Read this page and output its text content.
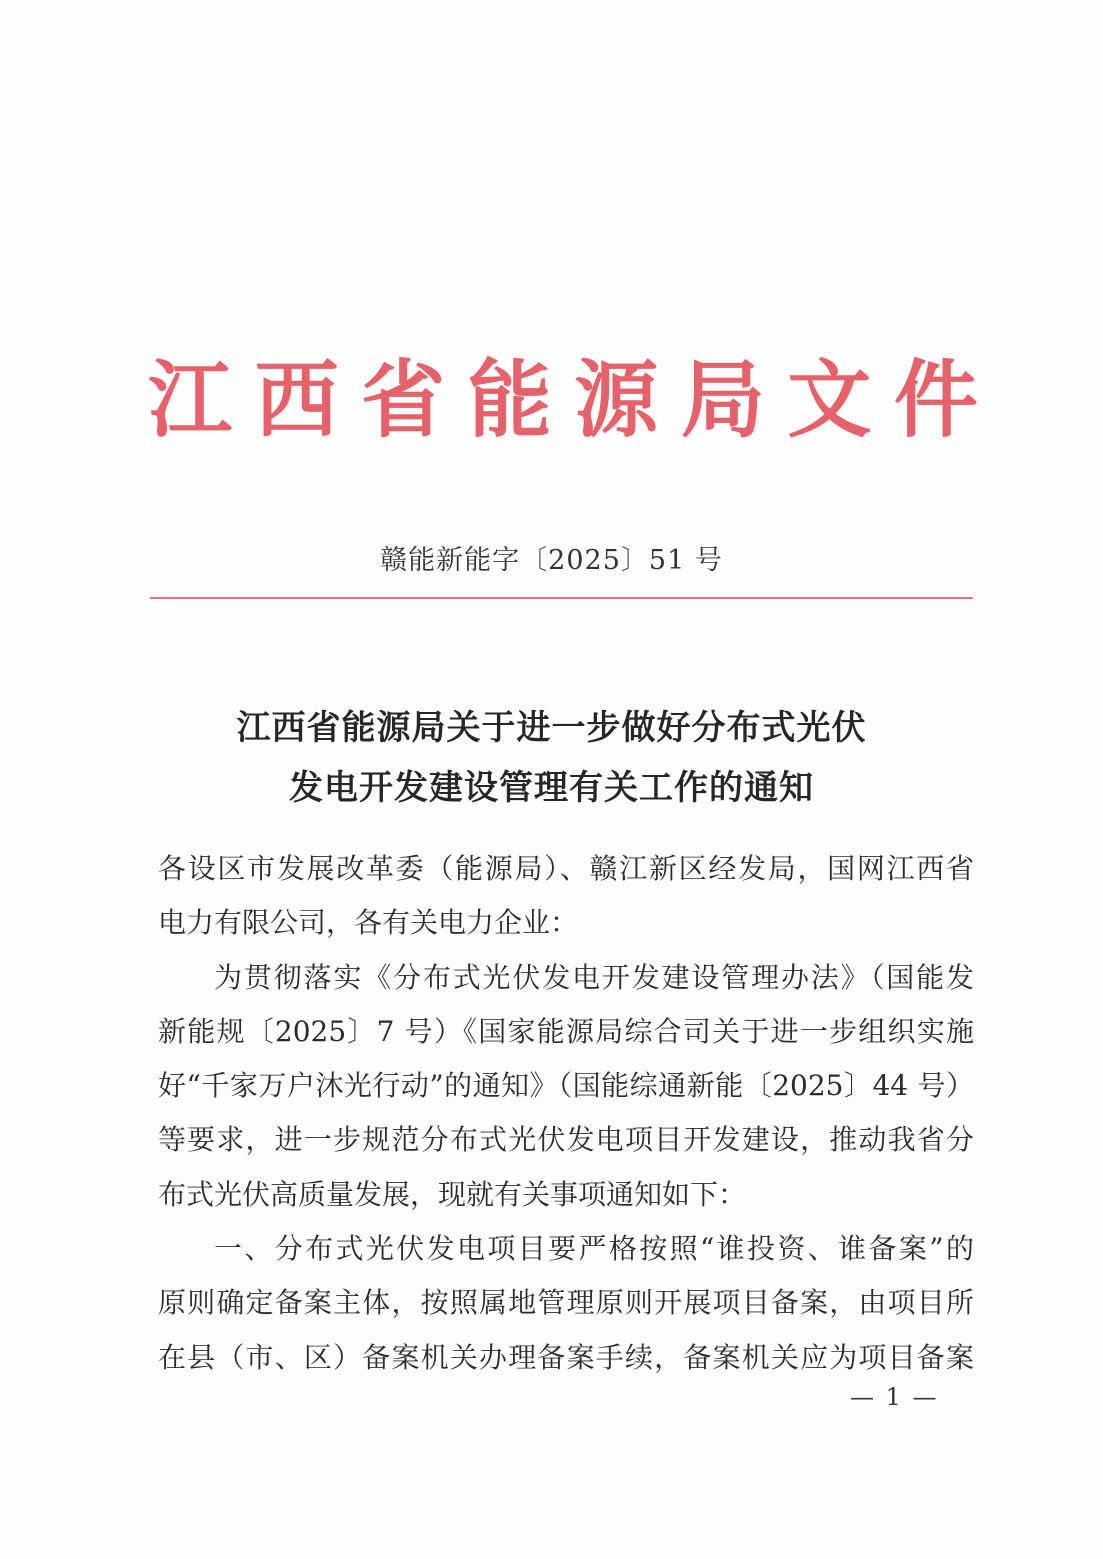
江 西 省 能 源 局 文 件
赣能新能字〔2025〕51 号
江西省能源局关于进一步做好分布式光伏
发电开发建设管理有关工作的通知
各设区市发展改革委（能源局）、赣江新区经发局，国网江西省
电力有限公司，各有关电力企业：
为贯彻落实《分布式光伏发电开发建设管理办法》（国能发
新能规〔2025〕7 号）《国家能源局综合司关于进一步组织实施
好“千家万户沐光行动”的通知》（国能综通新能〔2025〕44 号）
等要求，进一步规范分布式光伏发电项目开发建设，推动我省分
布式光伏高质量发展，现就有关事项通知如下：
一、分布式光伏发电项目要严格按照“谁投资、谁备案”的
原则确定备案主体，按照属地管理原则开展项目备案，由项目所
在县（市、区）备案机关办理备案手续，备案机关应为项目备案
— 1 —
